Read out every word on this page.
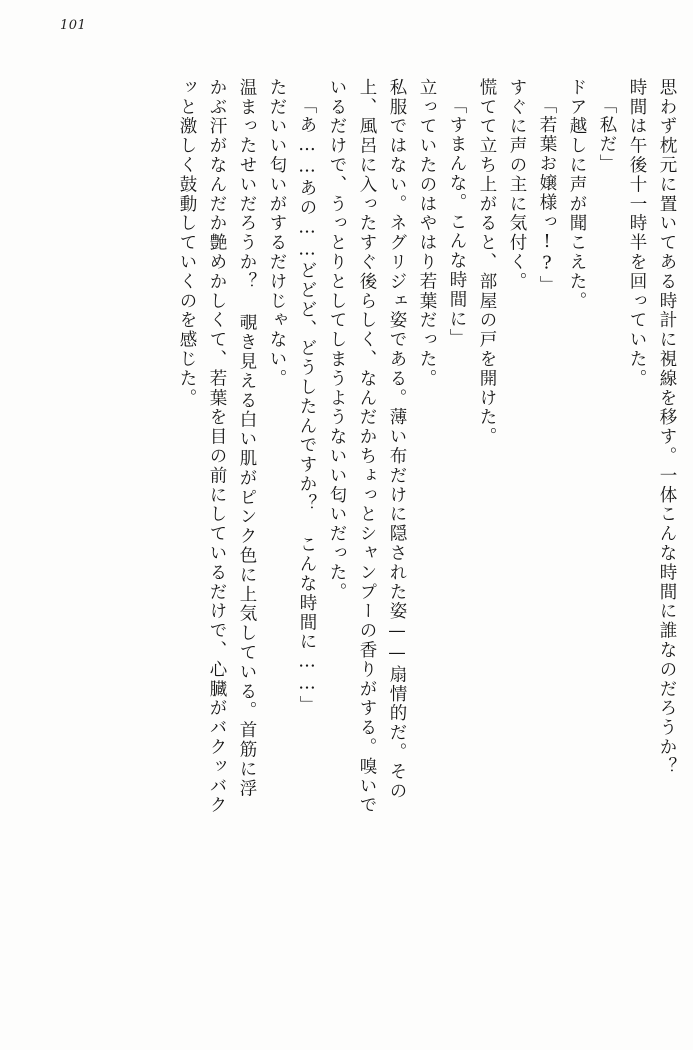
101
思わず枕元に置いてある時計に視線を移す。一体こんな時間に誰なのだろうか？
時間は午後十一時半を回っていた。
「私だ」
ドア越しに声が聞こえた。
「若葉お嬢様っ!?」
すぐに声の主に気付く。
慌てて立ち上がると、部屋の戸を開けた。
「すまんな。こんな時間に」
立っていたのはやはり若葉だった。
私服ではない。ネグリジェ姿である。薄い布だけに隠された姿——扇情的だ。その
上、風呂に入ったすぐ後らしく、なんだかちょっとシャンプーの香りがする。嗅いで
いるだけで、うっとりとしてしまうようないい匂いだった。
「あ……あの……どどど、どうしたんですか？ こんな時間に……」
ただいい匂いがするだけじゃない。
温まったせいだろうか？ 覗き見える白い肌がピンク色に上気している。首筋に浮
かぶ汗がなんだか艶めかしくて、若葉を目の前にしているだけで、心臓がバクッバク
ッと激しく鼓動していくのを感じた。
